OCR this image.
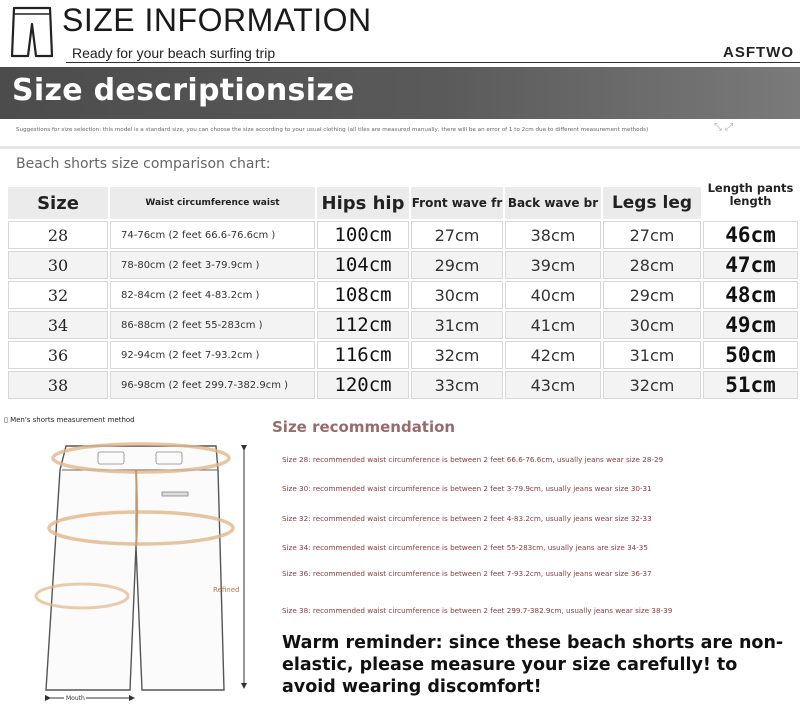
SIZE INFORMATION
Ready for your beach surfing trip	ASFTWO
Size descriptionsize
Suggestions for size selection: this model is a standard size, you can choose the size according to your usual clothing (all tiles are measured manually, there will be an error of 1 to 2cm due to different measurement methods)	⤡ ⤢
Beach shorts size comparison chart:
Size	Waist circumference waist	Hips hip	Front wave fr	Back wave br	Legs leg	Length pants length
28	74-76cm (2 feet 66.6-76.6cm )	100cm	27cm	38cm	27cm	46cm
30	78-80cm (2 feet 3-79.9cm )	104cm	29cm	39cm	28cm	47cm
32	82-84cm (2 feet 4-83.2cm )	108cm	30cm	40cm	29cm	48cm
34	86-88cm (2 feet 55-283cm )	112cm	31cm	41cm	30cm	49cm
36	92-94cm (2 feet 7-93.2cm )	116cm	32cm	42cm	31cm	50cm
38	96-98cm (2 feet 299.7-382.9cm )	120cm	33cm	43cm	32cm	51cm
▯ Men's shorts measurement method
Refined
Mouth
Size recommendation
Size 28: recommended waist circumference is between 2 feet 66.6-76.6cm, usually jeans wear size 28-29
Size 30: recommended waist circumference is between 2 feet 3-79.9cm, usually jeans wear size 30-31
Size 32: recommended waist circumference is between 2 feet 4-83.2cm, usually jeans wear size 32-33
Size 34: recommended waist circumference is between 2 feet 55-283cm, usually jeans are size 34-35
Size 36: recommended waist circumference is between 2 feet 7-93.2cm, usually jeans wear size 36-37
Size 38: recommended waist circumference is between 2 feet 299.7-382.9cm, usually jeans wear size 38-39
Warm reminder: since these beach shorts are non-elastic, please measure your size carefully! to avoid wearing discomfort!
